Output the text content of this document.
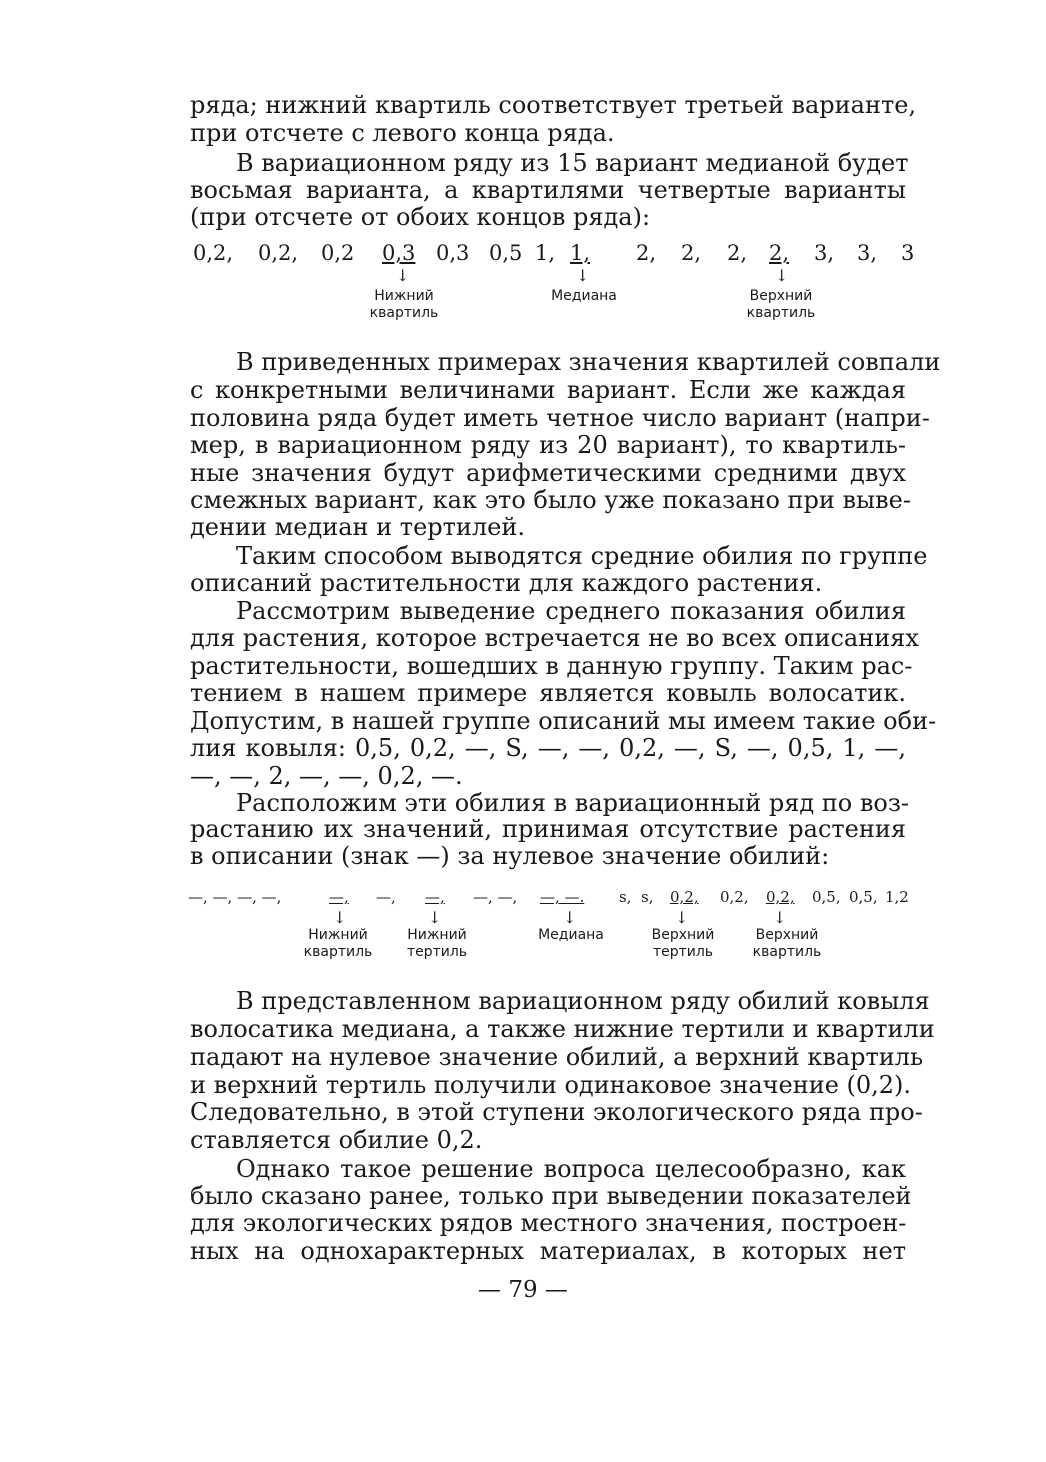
ряда; нижний квартиль соответствует третьей варианте,
при отсчете с левого конца ряда.
В вариационном ряду из 15 вариант медианой будет
восьмая варианта, а квартилями четвертые варианты
(при отсчете от обоих концов ряда):
0,2, 0,2, 0,2 0,3 0,3 0,5 1, 1, 2, 2, 2, 2, 3, 3, 3
↓	↓	↓
Нижний
квартиль
Медиана	Верхний
квартиль
В приведенных примерах значения квартилей совпали
с конкретными величинами вариант. Если же каждая
половина ряда будет иметь четное число вариант (напри-
мер, в вариационном ряду из 20 вариант), то квартиль-
ные значения будут арифметическими средними двух
смежных вариант, как это было уже показано при выве-
дении медиан и тертилей.
Таким способом выводятся средние обилия по группе
описаний растительности для каждого растения.
Рассмотрим выведение среднего показания обилия
для растения, которое встречается не во всех описаниях
растительности, вошедших в данную группу. Таким рас-
тением в нашем примере является ковыль волосатик.
Допустим, в нашей группе описаний мы имеем такие оби-
лия ковыля: 0,5, 0,2, —, S, —, —, 0,2, —, S, —, 0,5, 1, —,
—, —, 2, —, —, 0,2, —.
Расположим эти обилия в вариационный ряд по воз-
растанию их значений, принимая отсутствие растения
в описании (знак —) за нулевое значение обилий:
—, —, —, —,	—, —, —, —, —, —, —. s, s, 0,2, 0,2, 0,2, 0,5, 0,5, 1,2
↓	↓	↓	↓	↓
Нижний
квартиль
Нижний
тертиль
Медиана	Верхний
тертиль
Верхний
квартиль
В представленном вариационном ряду обилий ковыля
волосатика медиана, а также нижние тертили и квартили
падают на нулевое значение обилий, а верхний квартиль
и верхний тертиль получили одинаковое значение (0,2).
Следовательно, в этой ступени экологического ряда про-
ставляется обилие 0,2.
Однако такое решение вопроса целесообразно, как
было сказано ранее, только при выведении показателей
для экологических рядов местного значения, построен-
ных на однохарактерных материалах, в которых нет
— 79 —
